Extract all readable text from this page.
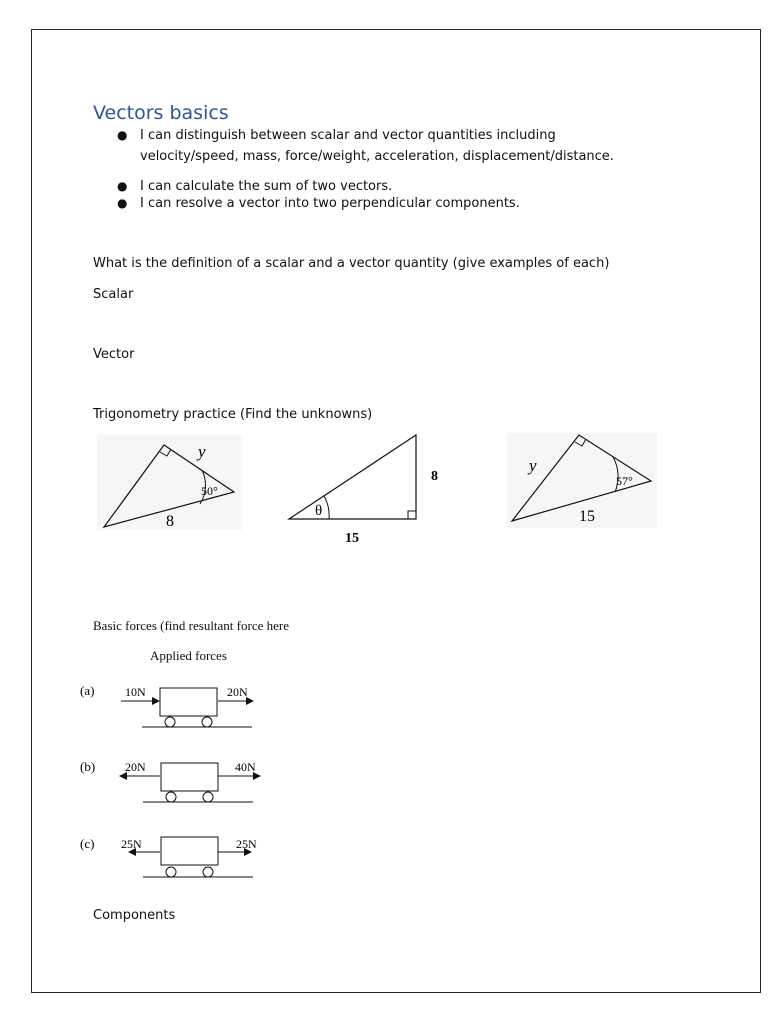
Vectors basics
● I can distinguish between scalar and vector quantities including velocity/speed, mass, force/weight, acceleration, displacement/distance.
● I can calculate the sum of two vectors.
● I can resolve a vector into two perpendicular components.
What is the definition of a scalar and a vector quantity (give examples of each)
Scalar
Vector
Trigonometry practice (Find the unknowns)
y
50°
8
θ
8
15
y
57°
15
Basic forces (find resultant force here
Applied forces
(a)	10N	20N
(b) 20N	40N
(c) 25N	25N
Components
